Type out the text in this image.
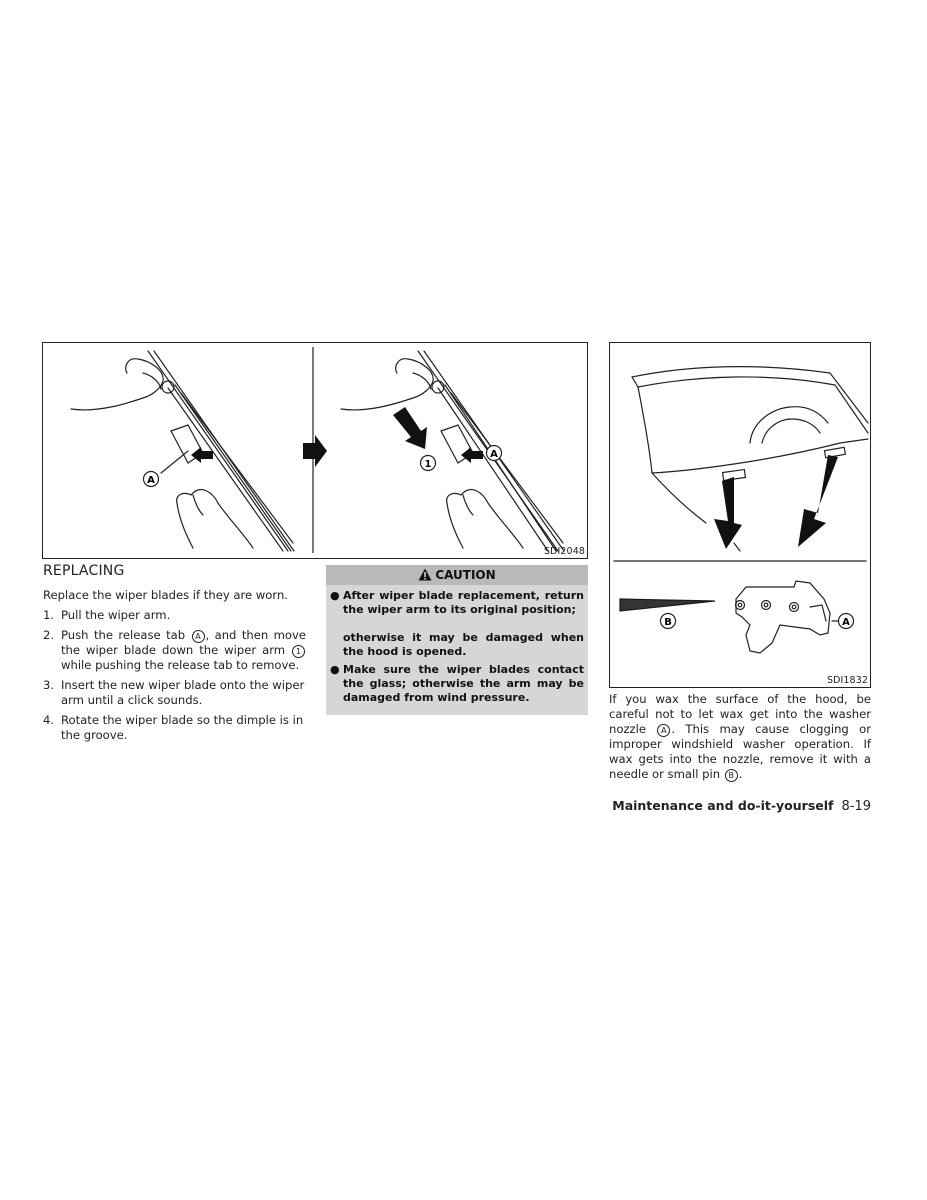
A
1
A
SDI2048
REPLACING
Replace the wiper blades if they are worn.
1. Pull the wiper arm.
2. Push the release tab A , and then move the wiper blade down the wiper arm 1 while pushing the release tab to remove.
3. Insert the new wiper blade onto the wiper arm until a click sounds.
4. Rotate the wiper blade so the dimple is in the groove.
CAUTION
● After wiper blade replacement, return the wiper arm to its original position;
otherwise it may be damaged when the hood is opened.
● Make sure the wiper blades contact the glass; otherwise the arm may be damaged from wind pressure.
B	A
SDI1832
If you wax the surface of the hood, be careful not to let wax get into the washer nozzle A . This may cause clogging or improper windshield washer operation. If wax gets into the nozzle, remove it with a needle or small pin B .
Maintenance and do-it-yourself 8-19
